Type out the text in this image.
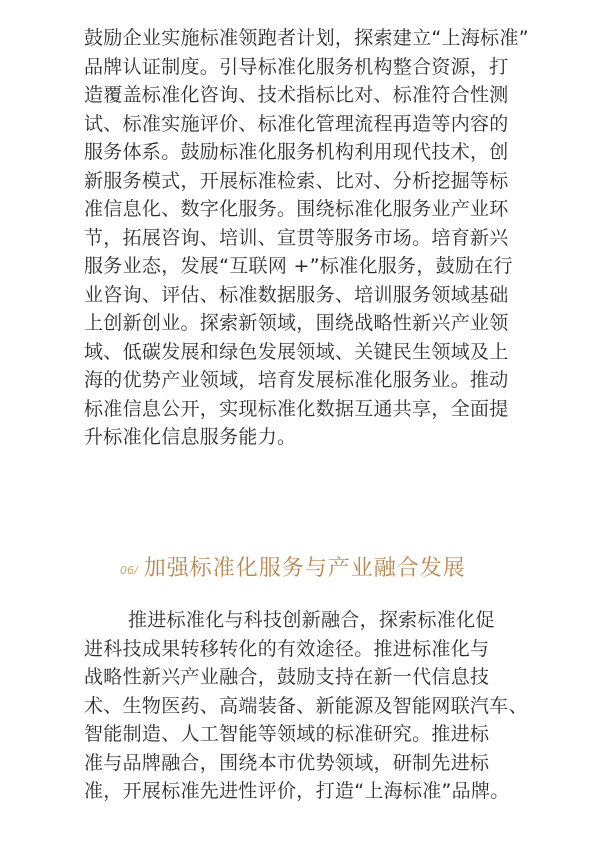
鼓励企业实施标准领跑者计划，探索建立“上海标准”
品牌认证制度。引导标准化服务机构整合资源，打
造覆盖标准化咨询、技术指标比对、标准符合性测
试、标准实施评价、标准化管理流程再造等内容的
服务体系。鼓励标准化服务机构利用现代技术，创
新服务模式，开展标准检索、比对、分析挖掘等标
准信息化、数字化服务。围绕标准化服务业产业环
节，拓展咨询、培训、宣贯等服务市场。培育新兴
服务业态，发展“互联网 +”标准化服务，鼓励在行
业咨询、评估、标准数据服务、培训服务领域基础
上创新创业。探索新领域，围绕战略性新兴产业领
域、低碳发展和绿色发展领域、关键民生领域及上
海的优势产业领域，培育发展标准化服务业。推动
标准信息公开，实现标准化数据互通共享，全面提
升标准化信息服务能力。
06/ 加强标准化服务与产业融合发展
推进标准化与科技创新融合，探索标准化促
进科技成果转移转化的有效途径。推进标准化与
战略性新兴产业融合，鼓励支持在新一代信息技
术、生物医药、高端装备、新能源及智能网联汽车、
智能制造、人工智能等领域的标准研究。推进标
准与品牌融合，围绕本市优势领域，研制先进标
准，开展标准先进性评价，打造“上海标准”品牌。
